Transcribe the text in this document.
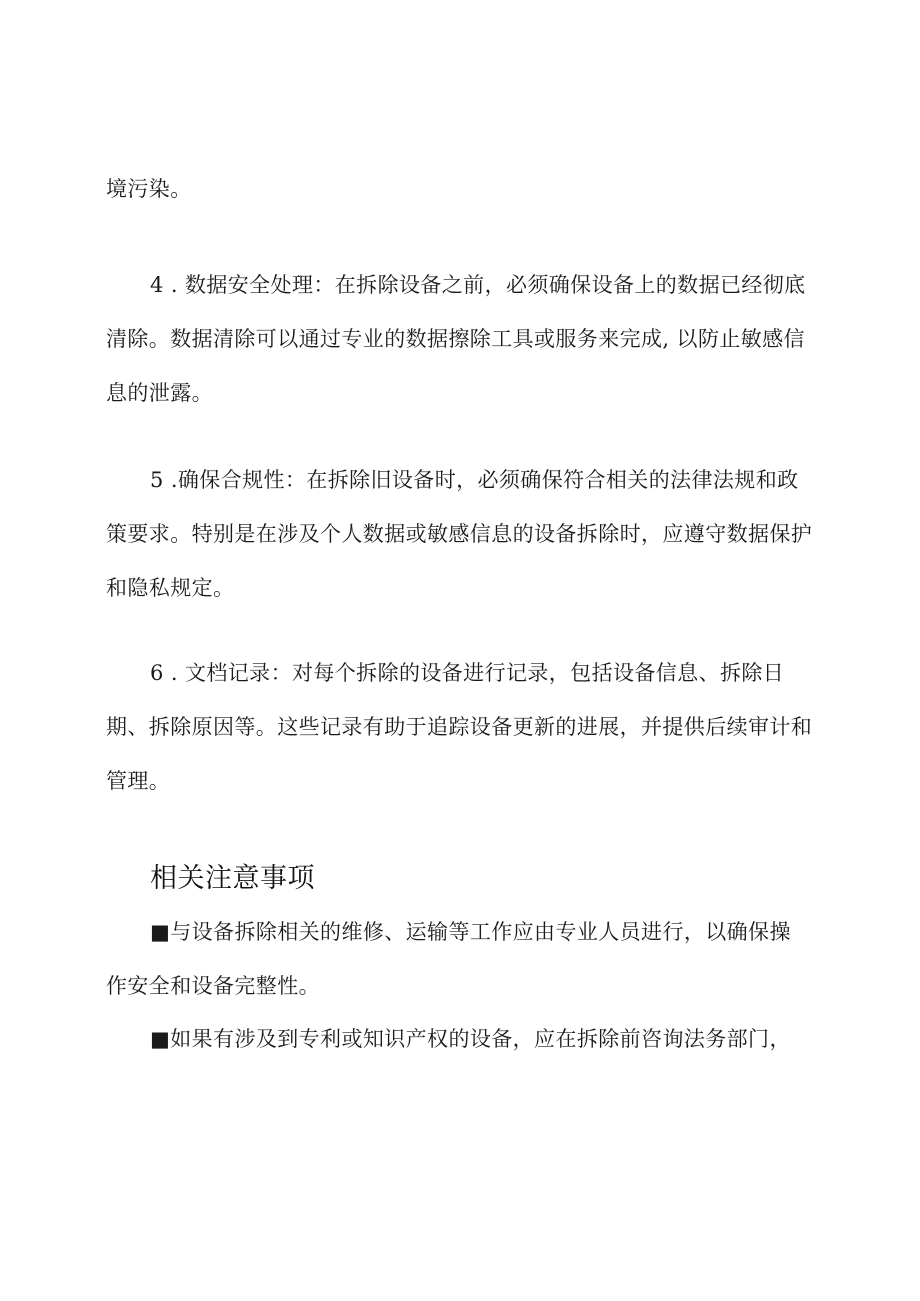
境污染。

4 . 数据安全处理：在拆除设备之前，必须确保设备上的数据已经彻底
清除。数据清除可以通过专业的数据擦除工具或服务来完成, 以防止敏感信
息的泄露。

5 .确保合规性：在拆除旧设备时，必须确保符合相关的法律法规和政
策要求。特别是在涉及个人数据或敏感信息的设备拆除时，应遵守数据保护
和隐私规定。

6 . 文档记录：对每个拆除的设备进行记录，包括设备信息、拆除日
期、拆除原因等。这些记录有助于追踪设备更新的进展，并提供后续审计和
管理。

相关注意事项

■与设备拆除相关的维修、运输等工作应由专业人员进行，以确保操
作安全和设备完整性。

■如果有涉及到专利或知识产权的设备，应在拆除前咨询法务部门，
